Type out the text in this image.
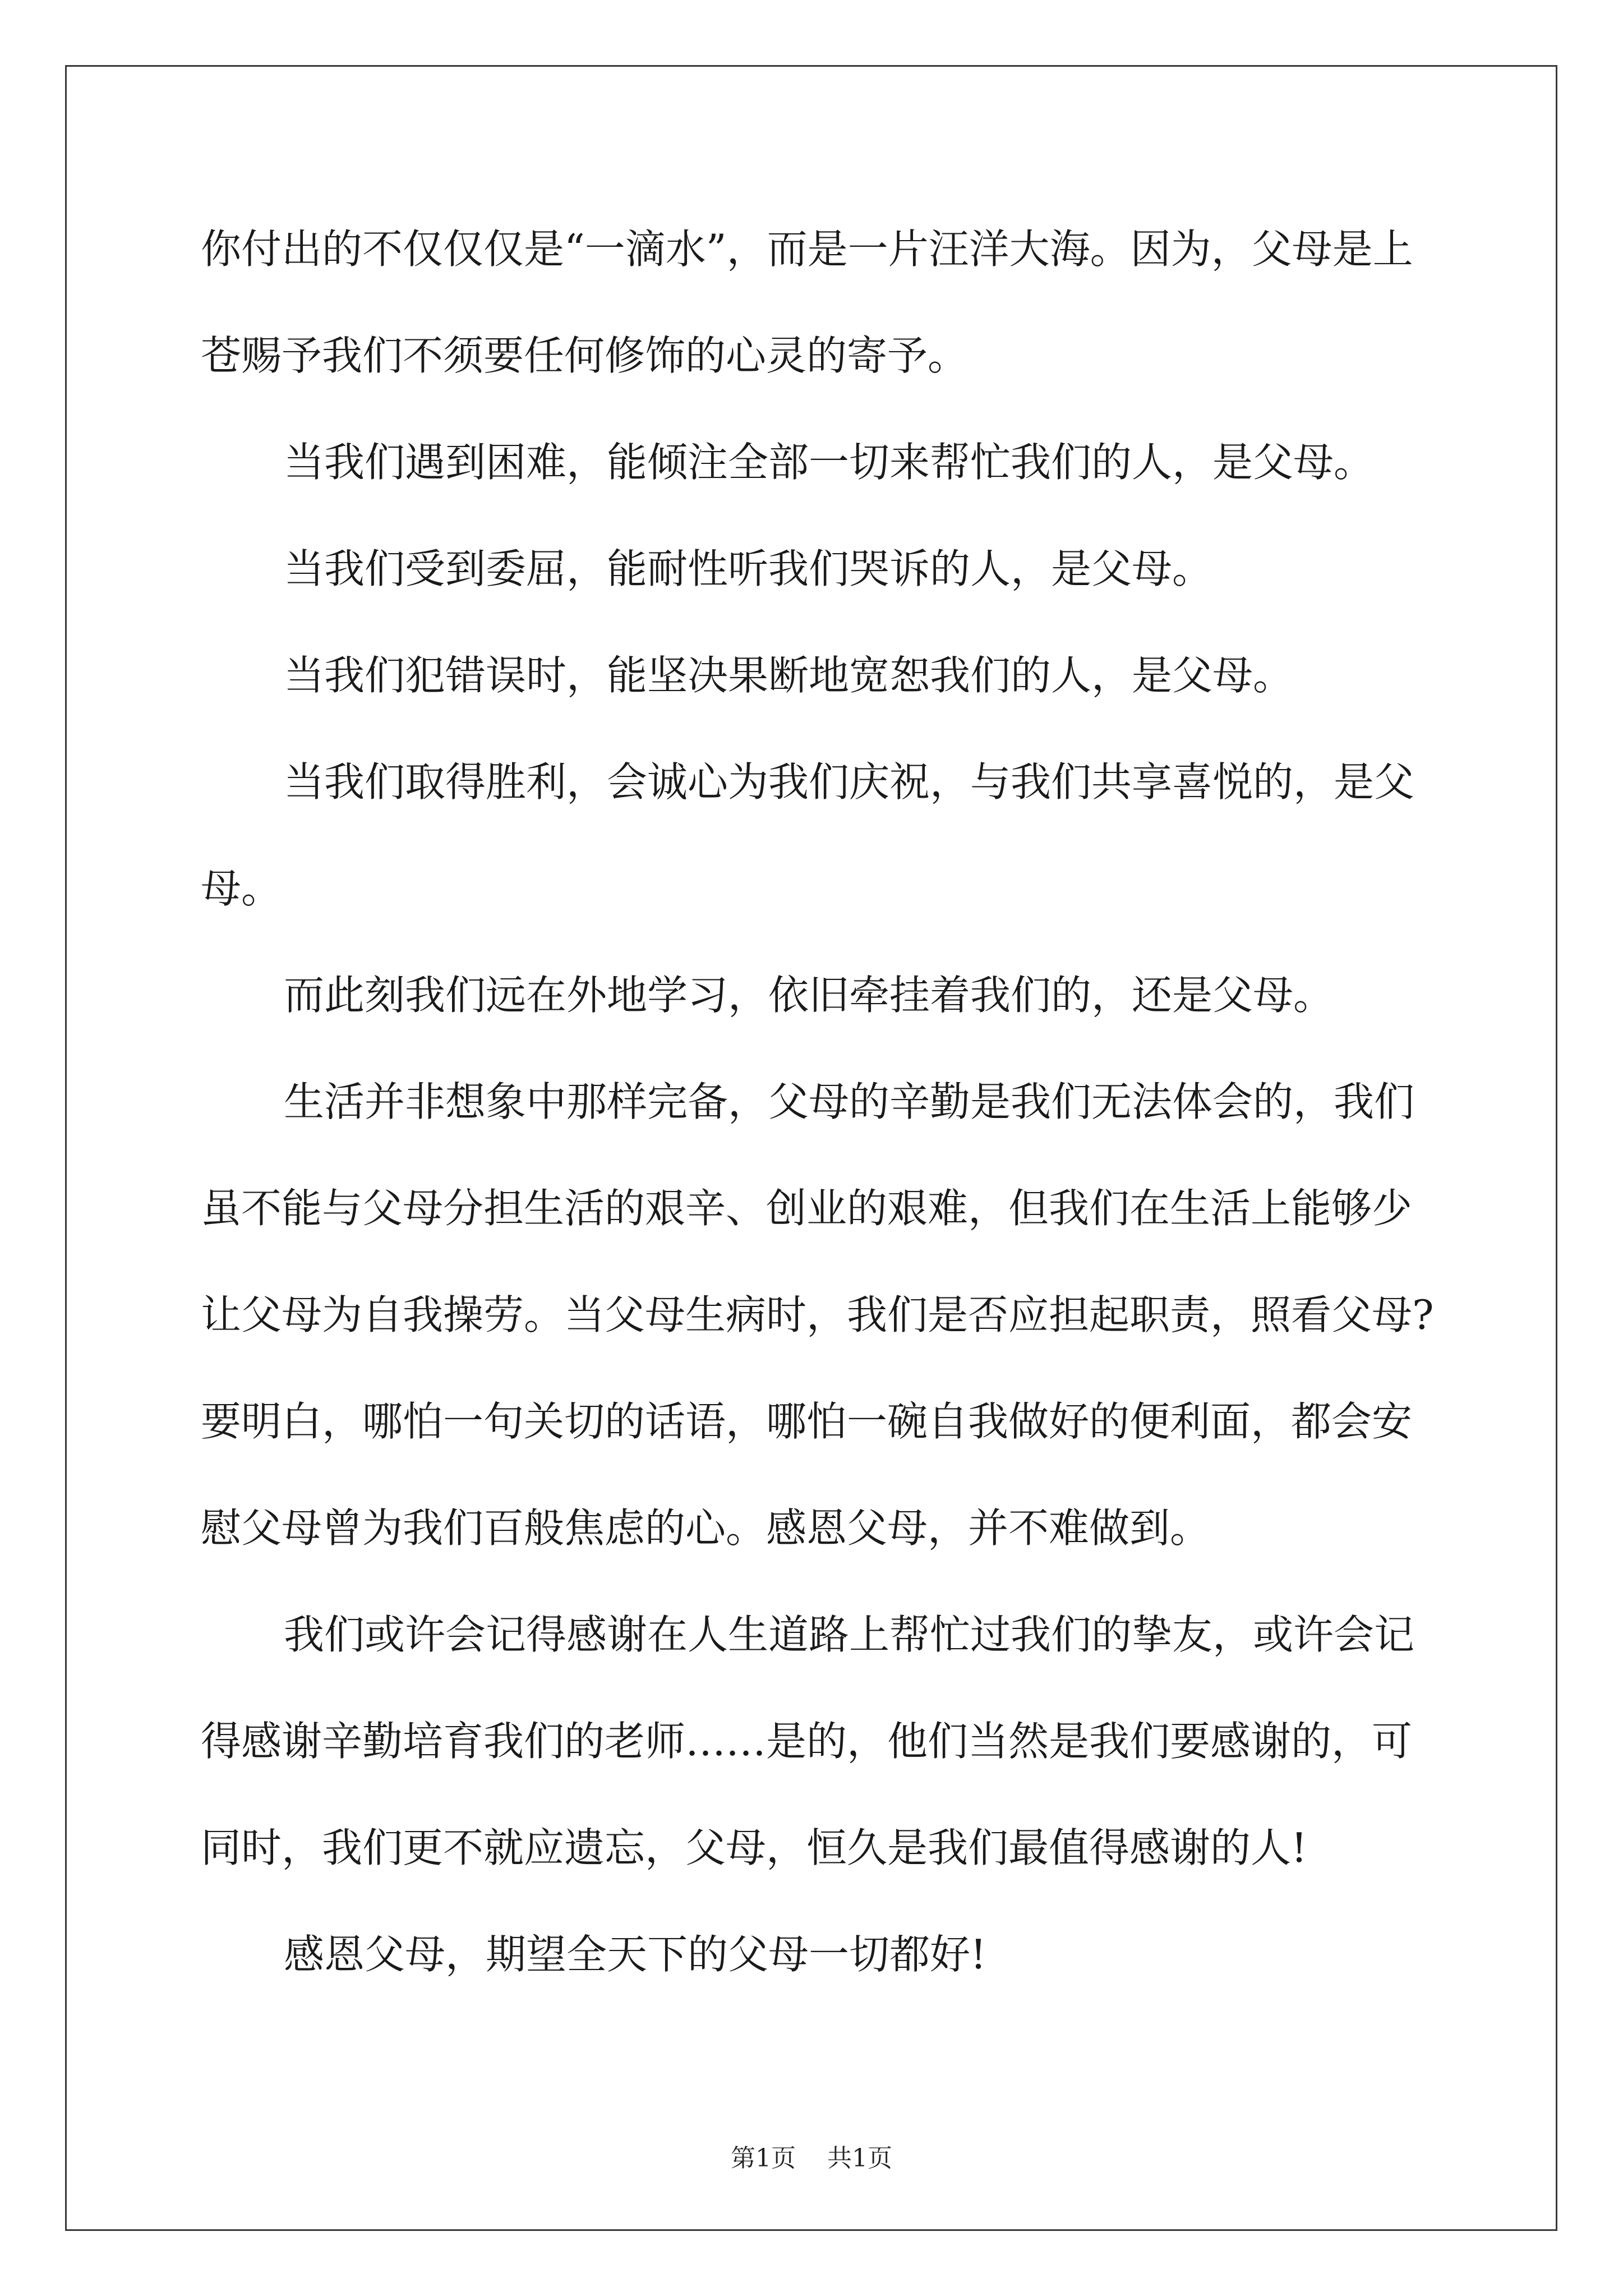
你付出的不仅仅仅是“一滴水”，而是一片汪洋大海。因为，父母是上
苍赐予我们不须要任何修饰的心灵的寄予。
当我们遇到困难，能倾注全部一切来帮忙我们的人，是父母。
当我们受到委屈，能耐性听我们哭诉的人，是父母。
当我们犯错误时，能坚决果断地宽恕我们的人，是父母。
当我们取得胜利，会诚心为我们庆祝，与我们共享喜悦的，是父
母。
而此刻我们远在外地学习，依旧牵挂着我们的，还是父母。
生活并非想象中那样完备，父母的辛勤是我们无法体会的，我们
虽不能与父母分担生活的艰辛、创业的艰难，但我们在生活上能够少
让父母为自我操劳。当父母生病时，我们是否应担起职责，照看父母?
要明白，哪怕一句关切的话语，哪怕一碗自我做好的便利面，都会安
慰父母曾为我们百般焦虑的心。感恩父母，并不难做到。
我们或许会记得感谢在人生道路上帮忙过我们的挚友，或许会记
得感谢辛勤培育我们的老师……是的，他们当然是我们要感谢的，可
同时，我们更不就应遗忘，父母，恒久是我们最值得感谢的人!
感恩父母，期望全天下的父母一切都好!
第1页 共1页
